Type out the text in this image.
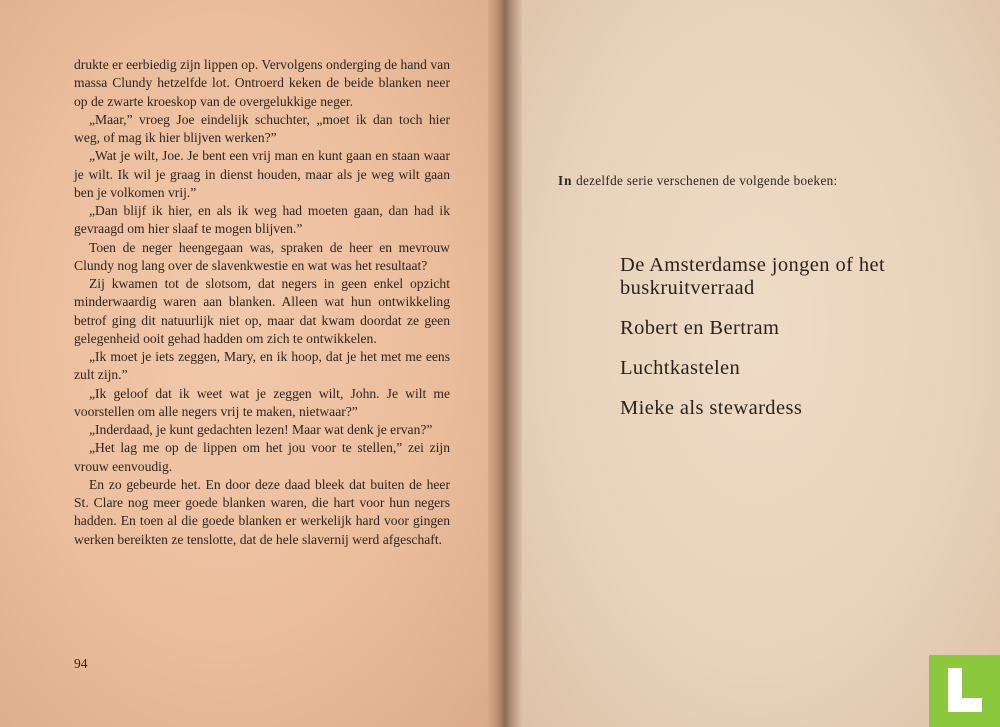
drukte er eerbiedig zijn lippen op. Vervolgens onderging de hand van massa Clundy hetzelfde lot. Ontroerd keken de beide blanken neer op de zwarte kroeskop van de overgelukkige neger.

„Maar,” vroeg Joe eindelijk schuchter, „moet ik dan toch hier weg, of mag ik hier blijven werken?”

„Wat je wilt, Joe. Je bent een vrij man en kunt gaan en staan waar je wilt. Ik wil je graag in dienst houden, maar als je weg wilt gaan ben je volkomen vrij.”

„Dan blijf ik hier, en als ik weg had moeten gaan, dan had ik gevraagd om hier slaaf te mogen blijven.”

Toen de neger heengegaan was, spraken de heer en mevrouw Clundy nog lang over de slavenkwestie en wat was het resultaat?

Zij kwamen tot de slotsom, dat negers in geen enkel opzicht minderwaardig waren aan blanken. Alleen wat hun ontwikkeling betrof ging dit natuurlijk niet op, maar dat kwam doordat ze geen gelegenheid ooit gehad hadden om zich te ontwikkelen.

„Ik moet je iets zeggen, Mary, en ik hoop, dat je het met me eens zult zijn.”

„Ik geloof dat ik weet wat je zeggen wilt, John. Je wilt me voorstellen om alle negers vrij te maken, nietwaar?”

„Inderdaad, je kunt gedachten lezen! Maar wat denk je ervan?”

„Het lag me op de lippen om het jou voor te stellen,” zei zijn vrouw eenvoudig.

En zo gebeurde het. En door deze daad bleek dat buiten de heer St. Clare nog meer goede blanken waren, die hart voor hun negers hadden. En toen al die goede blanken er werkelijk hard voor gingen werken bereikten ze tenslotte, dat de hele slavernij werd afgeschaft.

94
In dezelfde serie verschenen de volgende boeken:
De Amsterdamse jongen of het buskruitverraad
Robert en Bertram
Luchtkastelen
Mieke als stewardess
